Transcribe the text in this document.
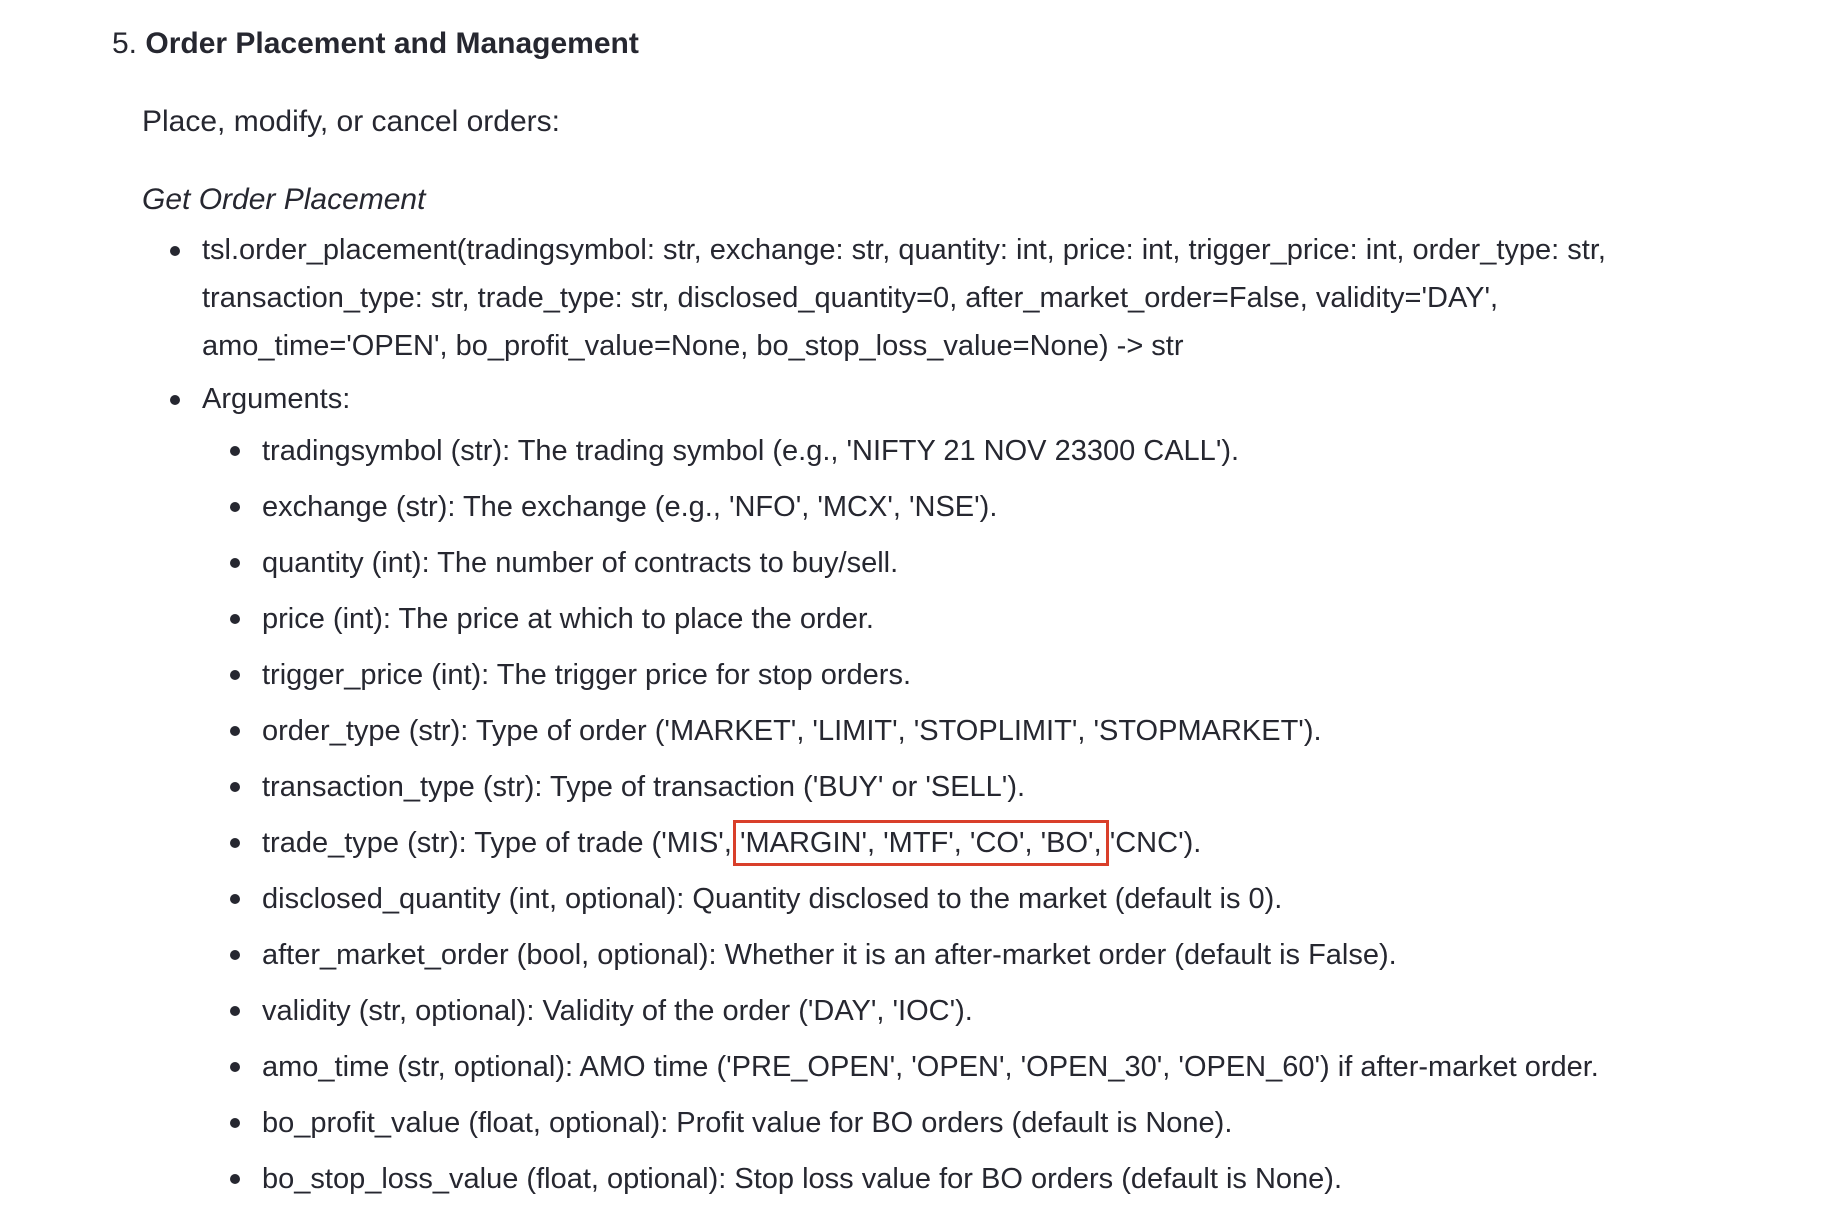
5. Order Placement and Management
Place, modify, or cancel orders:
Get Order Placement
tsl.order_placement(tradingsymbol: str, exchange: str, quantity: int, price: int, trigger_price: int, order_type: str, transaction_type: str, trade_type: str, disclosed_quantity=0, after_market_order=False, validity='DAY', amo_time='OPEN', bo_profit_value=None, bo_stop_loss_value=None) -> str
Arguments:
tradingsymbol (str): The trading symbol (e.g., 'NIFTY 21 NOV 23300 CALL').
exchange (str): The exchange (e.g., 'NFO', 'MCX', 'NSE').
quantity (int): The number of contracts to buy/sell.
price (int): The price at which to place the order.
trigger_price (int): The trigger price for stop orders.
order_type (str): Type of order ('MARKET', 'LIMIT', 'STOPLIMIT', 'STOPMARKET').
transaction_type (str): Type of transaction ('BUY' or 'SELL').
trade_type (str): Type of trade ('MIS', 'MARGIN', 'MTF', 'CO', 'BO', 'CNC').
disclosed_quantity (int, optional): Quantity disclosed to the market (default is 0).
after_market_order (bool, optional): Whether it is an after-market order (default is False).
validity (str, optional): Validity of the order ('DAY', 'IOC').
amo_time (str, optional): AMO time ('PRE_OPEN', 'OPEN', 'OPEN_30', 'OPEN_60') if after-market order.
bo_profit_value (float, optional): Profit value for BO orders (default is None).
bo_stop_loss_value (float, optional): Stop loss value for BO orders (default is None).
